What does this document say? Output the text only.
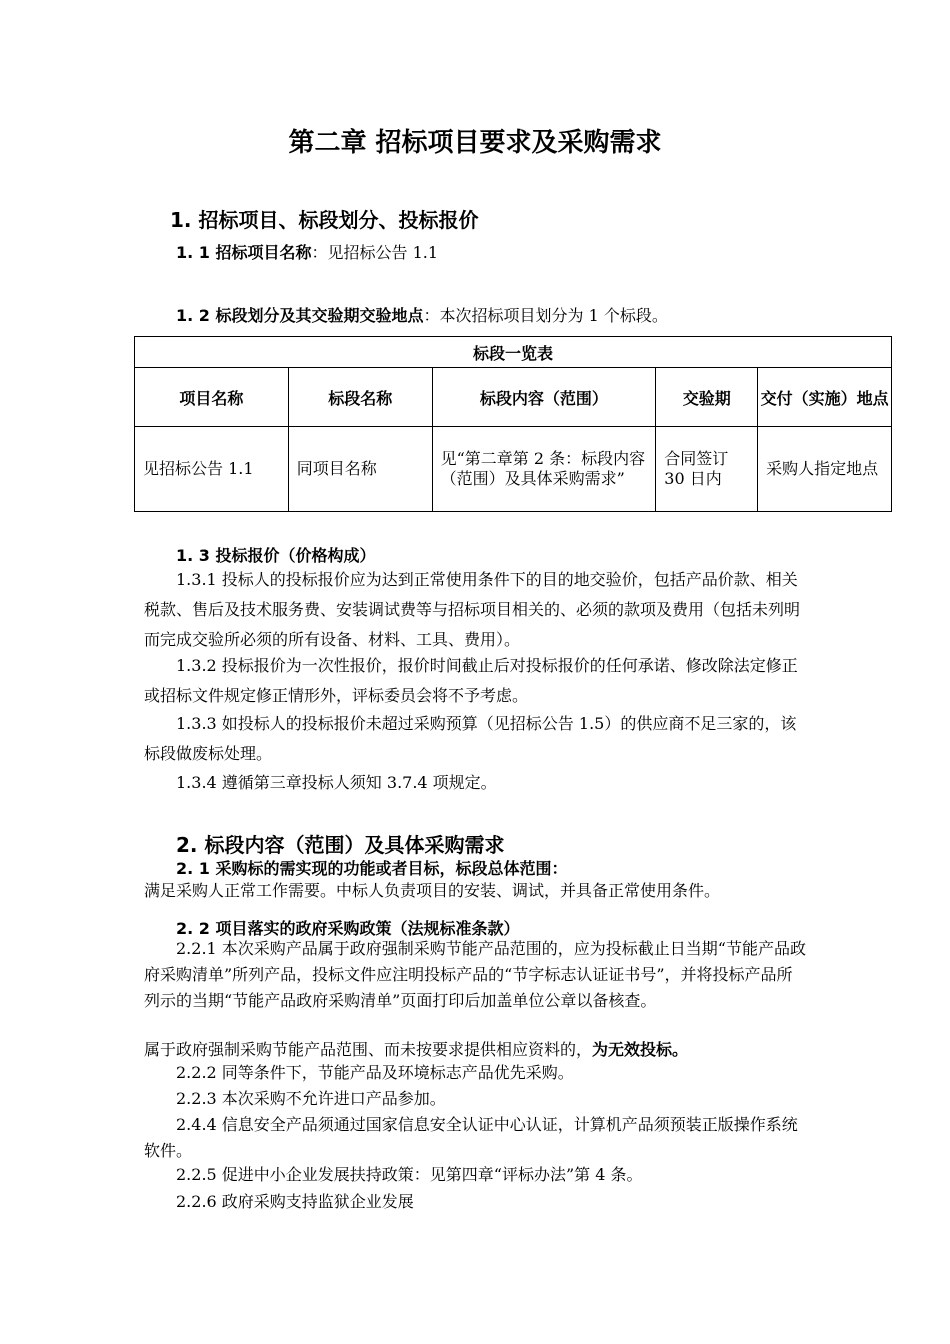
第二章 招标项目要求及采购需求
1. 招标项目、标段划分、投标报价
1. 1 招标项目名称：见招标公告 1.1
1. 2 标段划分及其交验期交验地点：本次招标项目划分为 1 个标段。
标段一览表				
项目名称	标段名称	标段内容（范围）	交验期	交付（实施）地点
见招标公告 1.1	同项目名称	见“第二章第 2 条：标段内容（范围）及具体采购需求”	合同签订 30 日内	采购人指定地点
1. 3 投标报价（价格构成）
1.3.1 投标人的投标报价应为达到正常使用条件下的目的地交验价，包括产品价款、相关税款、售后及技术服务费、安装调试费等与招标项目相关的、必须的款项及费用（包括未列明而完成交验所必须的所有设备、材料、工具、费用）。
1.3.2 投标报价为一次性报价，报价时间截止后对投标报价的任何承诺、修改除法定修正或招标文件规定修正情形外，评标委员会将不予考虑。
1.3.3 如投标人的投标报价未超过采购预算（见招标公告 1.5）的供应商不足三家的，该标段做废标处理。
1.3.4 遵循第三章投标人须知 3.7.4 项规定。
2. 标段内容（范围）及具体采购需求
2. 1 采购标的需实现的功能或者目标，标段总体范围：
满足采购人正常工作需要。中标人负责项目的安装、调试，并具备正常使用条件。
2. 2 项目落实的政府采购政策（法规标准条款）
2.2.1 本次采购产品属于政府强制采购节能产品范围的，应为投标截止日当期“节能产品政府采购清单”所列产品，投标文件应注明投标产品的“节字标志认证证书号”，并将投标产品所列示的当期“节能产品政府采购清单”页面打印后加盖单位公章以备核查。
属于政府强制采购节能产品范围、而未按要求提供相应资料的，为无效投标。
2.2.2 同等条件下，节能产品及环境标志产品优先采购。
2.2.3 本次采购不允许进口产品参加。
2.4.4 信息安全产品须通过国家信息安全认证中心认证，计算机产品须预装正版操作系统软件。
2.2.5 促进中小企业发展扶持政策：见第四章“评标办法”第 4 条。
2.2.6 政府采购支持监狱企业发展
